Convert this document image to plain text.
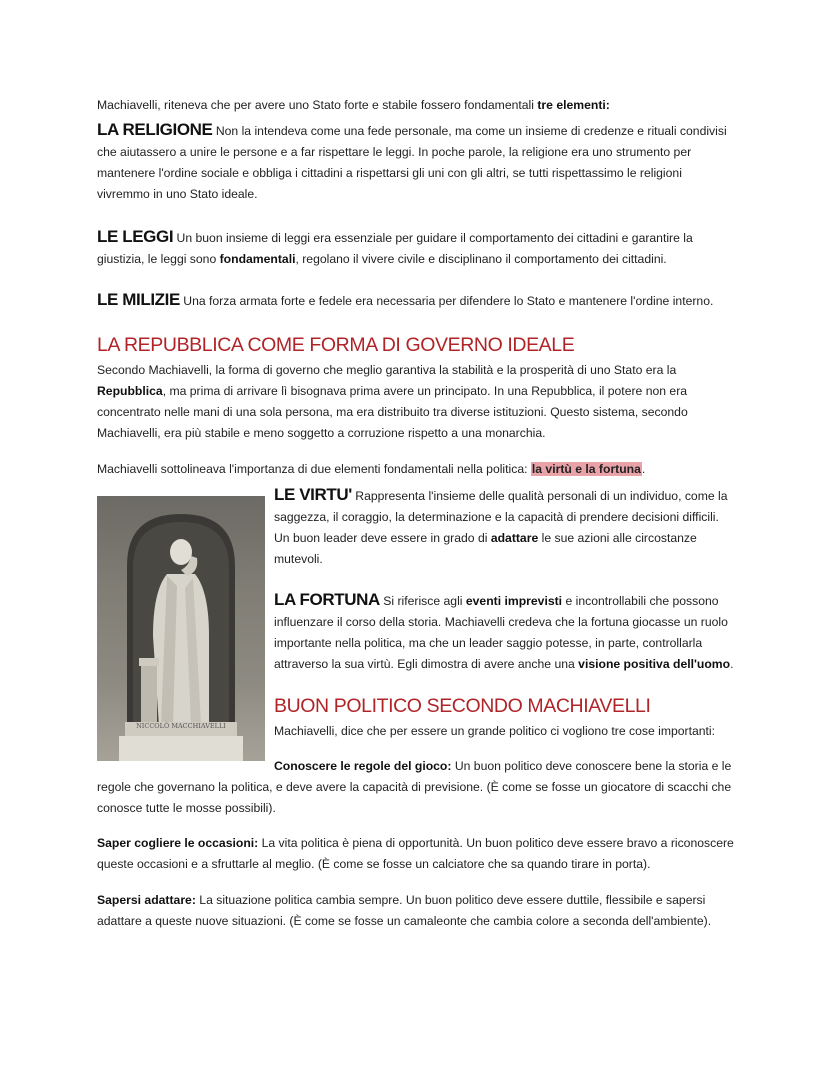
Machiavelli, riteneva che per avere uno Stato forte e stabile fossero fondamentali tre elementi:

LA RELIGIONE Non la intendeva come una fede personale, ma come un insieme di credenze e rituali condivisi che aiutassero a unire le persone e a far rispettare le leggi. In poche parole, la religione era uno strumento per mantenere l'ordine sociale e obbliga i cittadini a rispettarsi gli uni con gli altri, se tutti rispettassimo le religioni vivremmo in uno Stato ideale.

LE LEGGI Un buon insieme di leggi era essenziale per guidare il comportamento dei cittadini e garantire la giustizia, le leggi sono fondamentali, regolano il vivere civile e disciplinano il comportamento dei cittadini.

LE MILIZIE Una forza armata forte e fedele era necessaria per difendere lo Stato e mantenere l'ordine interno.

LA REPUBBLICA COME FORMA DI GOVERNO IDEALE

Secondo Machiavelli, la forma di governo che meglio garantiva la stabilità e la prosperità di uno Stato era la Repubblica, ma prima di arrivare lì bisognava prima avere un principato. In una Repubblica, il potere non era concentrato nelle mani di una sola persona, ma era distribuito tra diverse istituzioni. Questo sistema, secondo Machiavelli, era più stabile e meno soggetto a corruzione rispetto a una monarchia.

Machiavelli sottolineava l'importanza di due elementi fondamentali nella politica: la virtù e la fortuna.

NICCOLÒ MACCHIAVELLI

LE VIRTU' Rappresenta l'insieme delle qualità personali di un individuo, come la saggezza, il coraggio, la determinazione e la capacità di prendere decisioni difficili. Un buon leader deve essere in grado di adattare le sue azioni alle circostanze mutevoli.

LA FORTUNA Si riferisce agli eventi imprevisti e incontrollabili che possono influenzare il corso della storia. Machiavelli credeva che la fortuna giocasse un ruolo importante nella politica, ma che un leader saggio potesse, in parte, controllarla attraverso la sua virtù. Egli dimostra di avere anche una visione positiva dell'uomo.

BUON POLITICO SECONDO MACHIAVELLI

Machiavelli, dice che per essere un grande politico ci vogliono tre cose importanti:

Conoscere le regole del gioco: Un buon politico deve conoscere bene la storia e le regole che governano la politica, e deve avere la capacità di previsione. (È come se fosse un giocatore di scacchi che conosce tutte le mosse possibili).

Saper cogliere le occasioni: La vita politica è piena di opportunità. Un buon politico deve essere bravo a riconoscere queste occasioni e a sfruttarle al meglio. (È come se fosse un calciatore che sa quando tirare in porta).

Sapersi adattare: La situazione politica cambia sempre. Un buon politico deve essere duttile, flessibile e sapersi adattare a queste nuove situazioni. (È come se fosse un camaleonte che cambia colore a seconda dell'ambiente).
